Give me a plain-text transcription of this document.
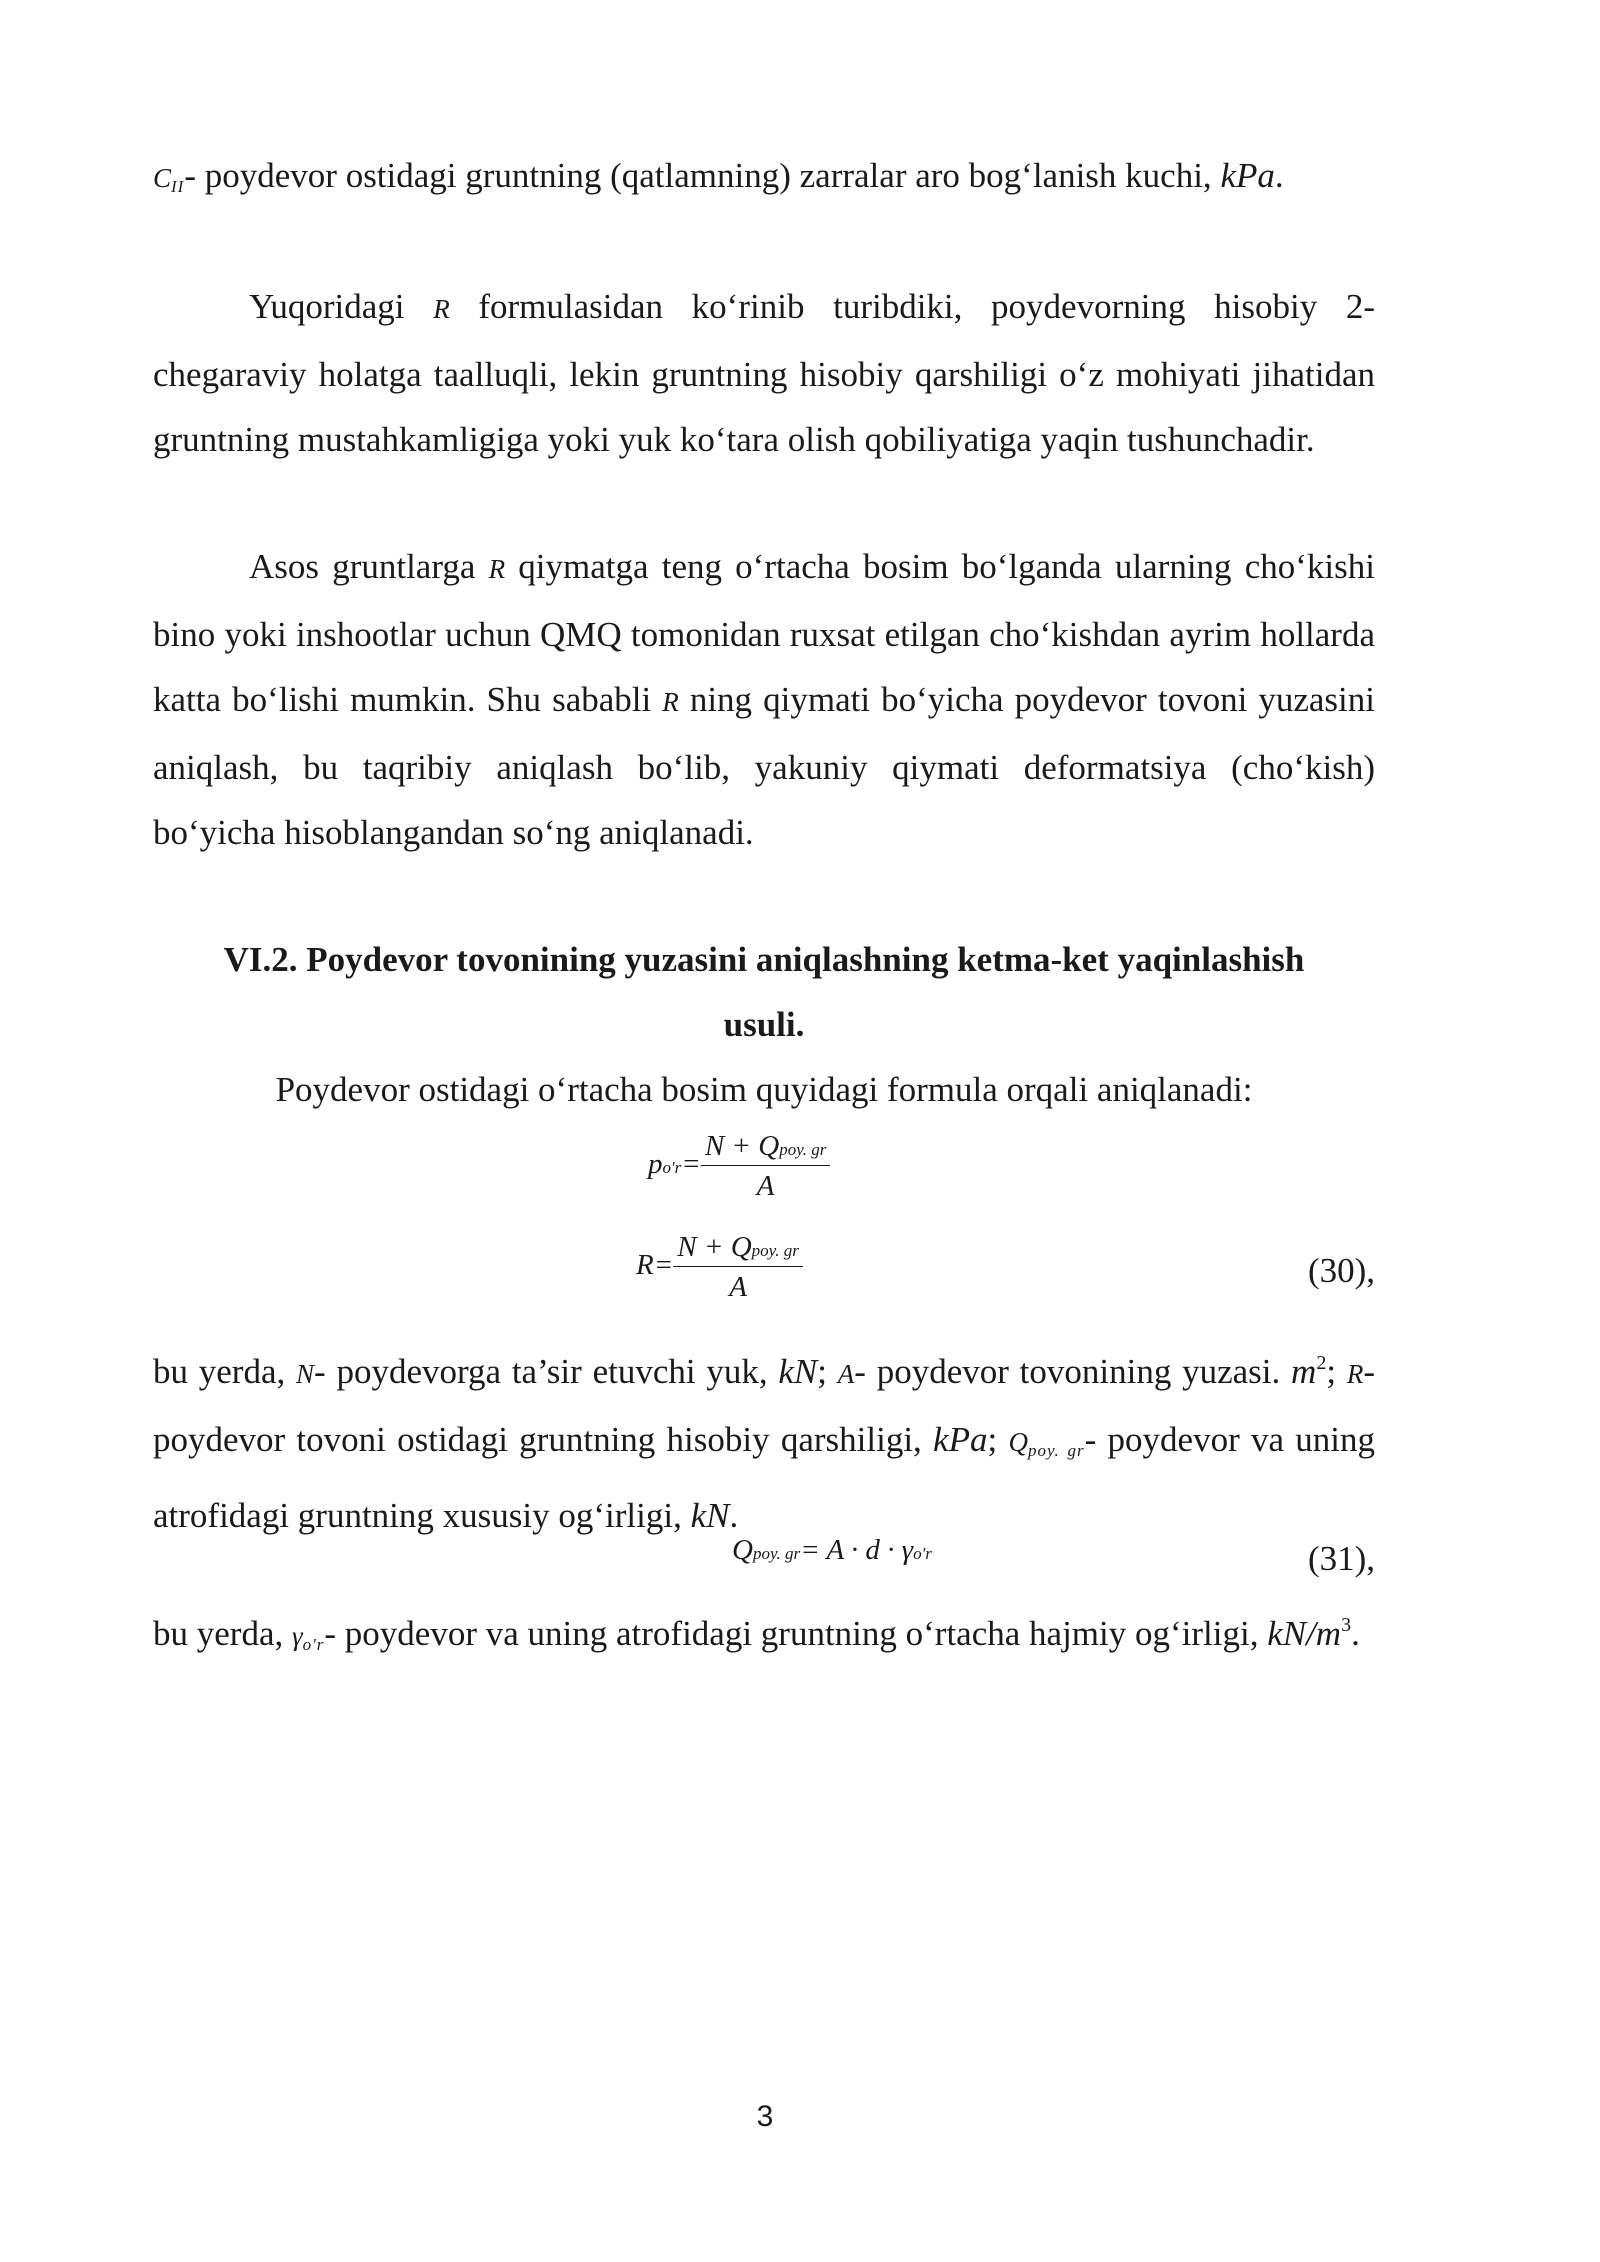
CII- poydevor ostidagi gruntning (qatlamning) zarralar aro bog‘lanish kuchi, kPa.

Yuqoridagi R formulasidan ko‘rinib turibdiki, poydevorning hisobiy 2-chegaraviy holatga taalluqli, lekin gruntning hisobiy qarshiligi o‘z mohiyati jihatidan gruntning mustahkamligiga yoki yuk ko‘tara olish qobiliyatiga yaqin tushunchadir.

Asos gruntlarga R qiymatga teng o‘rtacha bosim bo‘lganda ularning cho‘kishi bino yoki inshootlar uchun QMQ tomonidan ruxsat etilgan cho‘kishdan ayrim hollarda katta bo‘lishi mumkin. Shu sababli R ning qiymati bo‘yicha poydevor tovoni yuzasini aniqlash, bu taqribiy aniqlash bo‘lib, yakuniy qiymati deformatsiya (cho‘kish) bo‘yicha hisoblangandan so‘ng aniqlanadi.

VI.2. Poydevor tovonining yuzasini aniqlashning ketma-ket yaqinlashish
usuli.

Poydevor ostidagi o‘rtacha bosim quyidagi formula orqali aniqlanadi:

$po'r= \frac{\text{N + Qpoy. gr}}{A}$
$R= \frac{\text{N + Qpoy. gr}}{A}$	(30),

bu yerda, N- poydevorga ta’sir etuvchi yuk, kN; A- poydevor tovonining yuzasi. $m^2$; R- poydevor tovoni ostidagi gruntning hisobiy qarshiligi, kPa; Qpoy. gr- poydevor va uning atrofidagi gruntning xususiy og‘irligi, kN.

Qpoy. gr= A · d · γo'r	(31),

bu yerda, γo'r- poydevor va uning atrofidagi gruntning o‘rtacha hajmiy og‘irligi, $kN/m^3$.

3
